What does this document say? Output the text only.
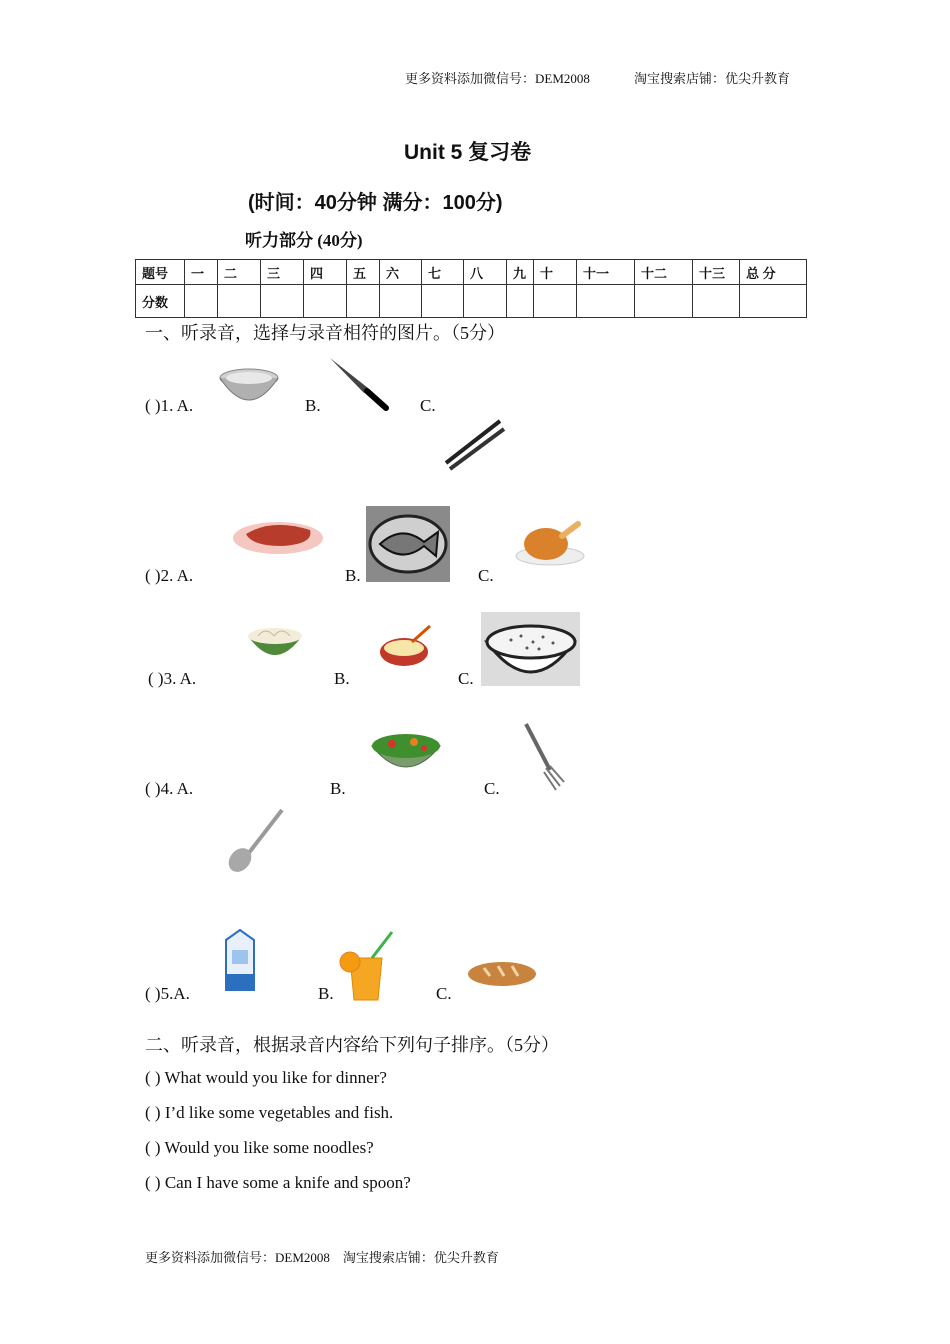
更多资料添加微信号：DEM2008	淘宝搜索店铺：优尖升教育
Unit 5 复习卷
(时间：40分钟 满分：100分)
听力部分 (40分)
题号	一	二	三	四	五	六	七	八	九	十	十一	十二	十三	总 分
分数														
一、听录音，选择与录音相符的图片。（5分）
( )1. A.	B.	C.
( )2. A.	B.	C.
( )3. A.	B.	C.
( )4. A.	B.	C.
( )5.A.	B.	C.
二、听录音，根据录音内容给下列句子排序。（5分）
( ) What would you like for dinner?
( ) I’d like some vegetables and fish.
( ) Would you like some noodles?
( ) Can I have some a knife and spoon?
更多资料添加微信号：DEM2008    淘宝搜索店铺：优尖升教育
